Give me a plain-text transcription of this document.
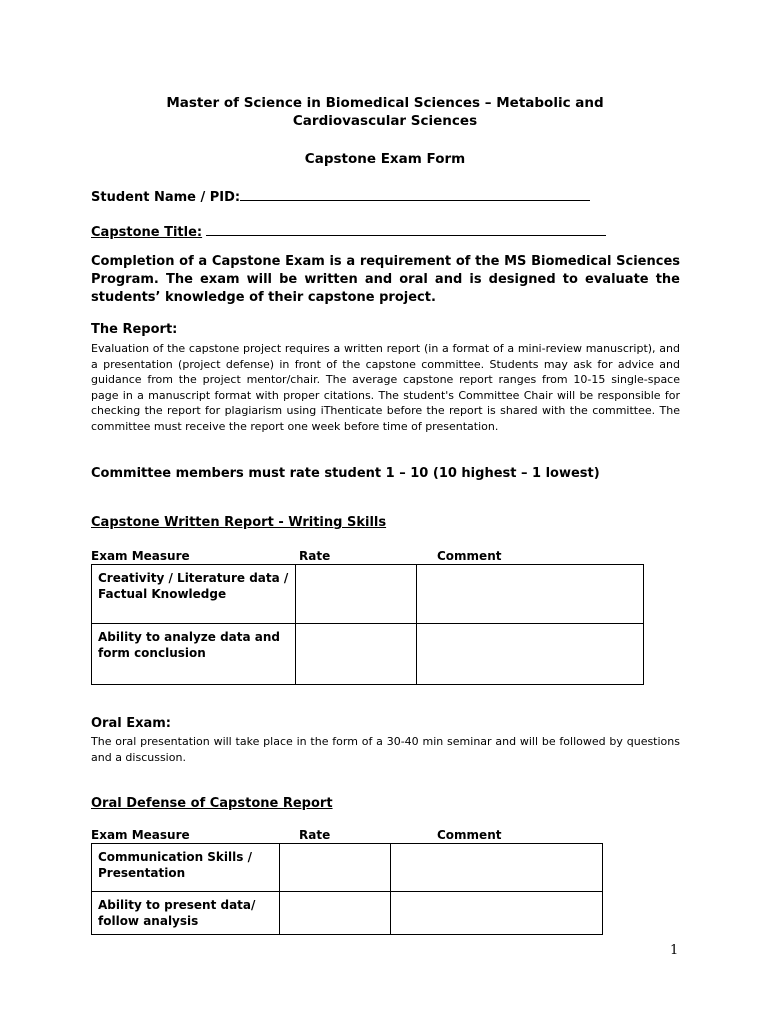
Master of Science in Biomedical Sciences – Metabolic and
Cardiovascular Sciences
Capstone Exam Form
Student Name / PID:
Capstone Title:
Completion of a Capstone Exam is a requirement of the MS Biomedical Sciences Program. The exam will be written and oral and is designed to evaluate the students’ knowledge of their capstone project.
The Report:
Evaluation of the capstone project requires a written report (in a format of a mini-review manuscript), and a presentation (project defense) in front of the capstone committee. Students may ask for advice and guidance from the project mentor/chair. The average capstone report ranges from 10-15 single-space page in a manuscript format with proper citations. The student's Committee Chair will be responsible for checking the report for plagiarism using iThenticate before the report is shared with the committee. The committee must receive the report one week before time of presentation.
Committee members must rate student 1 – 10 (10 highest – 1 lowest)
Capstone Written Report - Writing Skills
Exam Measure	Rate	Comment
Creativity / Literature data / Factual Knowledge		
Ability to analyze data and form conclusion		
Oral Exam:
The oral presentation will take place in the form of a 30-40 min seminar and will be followed by questions and a discussion.
Oral Defense of Capstone Report
Exam Measure	Rate	Comment
Communication Skills / Presentation		
Ability to present data/ follow analysis		
1
